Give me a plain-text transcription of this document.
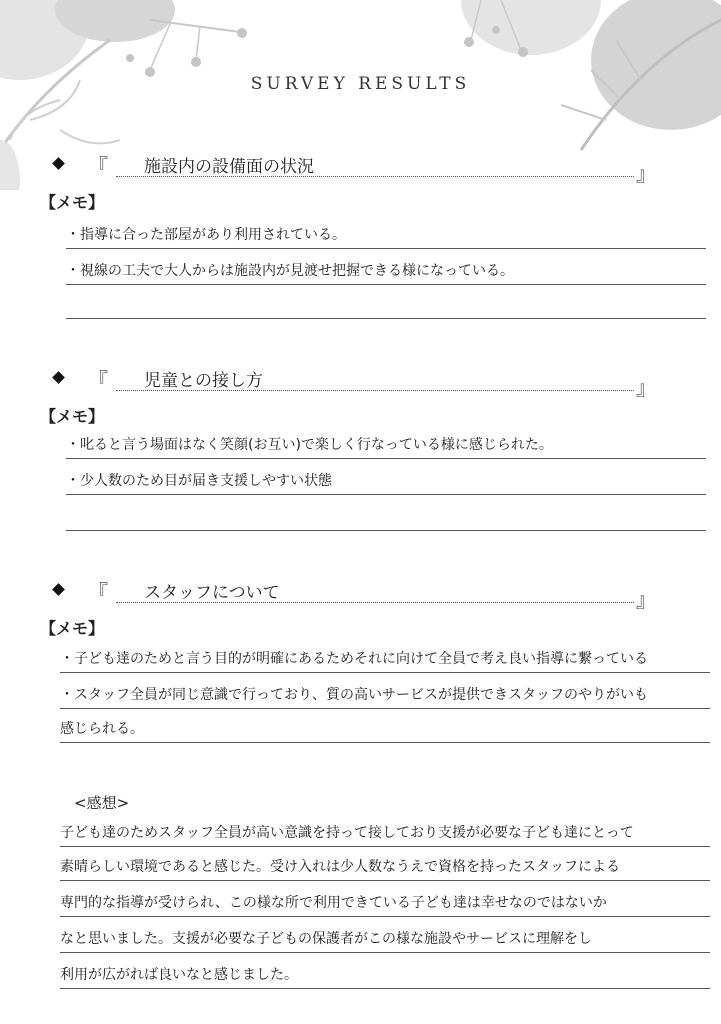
SURVEY RESULTS
『	施設内の設備面の状況	』
【メモ】
・指導に合った部屋があり利用されている。
・視線の工夫で大人からは施設内が見渡せ把握できる様になっている。
『	児童との接し方	』
【メモ】
・叱ると言う場面はなく笑顔(お互い)で楽しく行なっている様に感じられた。
・少人数のため目が届き支援しやすい状態
『	スタッフについて	』
【メモ】
・子ども達のためと言う目的が明確にあるためそれに向けて全員で考え良い指導に繋っている
・スタッフ全員が同じ意識で行っており、質の高いサービスが提供できスタッフのやりがいも
感じられる。
<感想>
子ども達のためスタッフ全員が高い意識を持って接しており支援が必要な子ども達にとって
素晴らしい環境であると感じた。受け入れは少人数なうえで資格を持ったスタッフによる
専門的な指導が受けられ、この様な所で利用できている子ども達は幸せなのではないか
なと思いました。支援が必要な子どもの保護者がこの様な施設やサービスに理解をし
利用が広がれば良いなと感じました。
